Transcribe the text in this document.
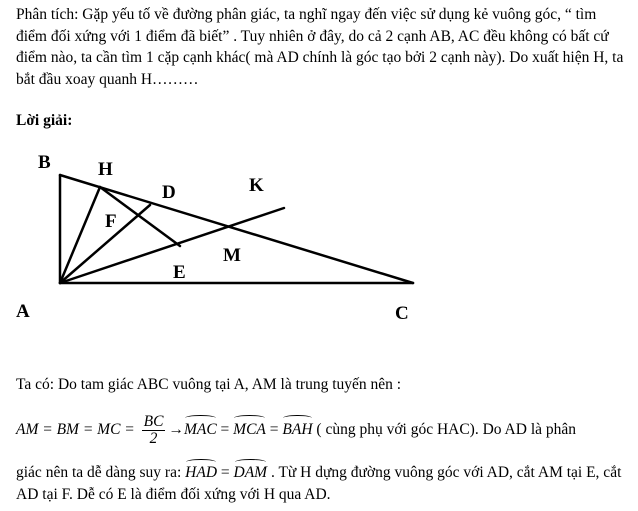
Phân tích: Gặp yếu tố về đường phân giác, ta nghĩ ngay đến việc sử dụng kẻ vuông góc, “ tìm điểm đối xứng với 1 điểm đã biết” . Tuy nhiên ở đây, do cả 2 cạnh AB, AC đều không có bất cứ điểm nào, ta cần tìm 1 cặp cạnh khác( mà AD chính là góc tạo bởi 2 cạnh này). Do xuất hiện H, ta bắt đầu xoay quanh H………

Lời giải:

B H
D	K
F
M
E
A	C

Ta có: Do tam giác ABC vuông tại A, AM là trung tuyến nên :

AM = BM = MC = $\frac{BC}{2} \to MAC$ = MCA = BAH ( cùng phụ với góc HAC). Do AD là phân

giác nên ta dễ dàng suy ra: HAD = DAM . Từ H dựng đường vuông góc với AD, cắt AM tại E, cắt AD tại F. Dễ có E là điểm đối xứng với H qua AD.
